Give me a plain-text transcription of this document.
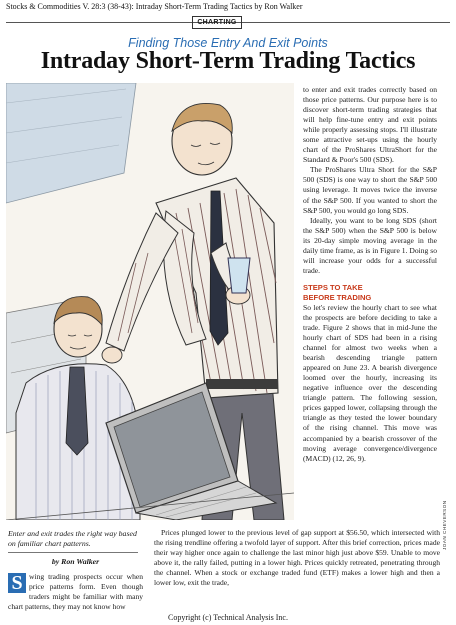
Stocks & Commodities V. 28:3 (38-43): Intraday Short-Term Trading Tactics by Ron Walker
CHARTING
Finding Those Entry And Exit Points
Intraday Short-Term Trading Tactics

to enter and exit trades correctly based on those price patterns. Our purpose here is to discover short-term trading strategies that will help fine-tune entry and exit points while properly assessing stops. I'll illustrate some attractive set-ups using the hourly chart of the ProShares UltraShort for the Standard & Poor's 500 (SDS).

The ProShares Ultra Short for the S&P 500 (SDS) is one way to short the S&P 500 using leverage. It moves twice the inverse of the S&P 500. If you wanted to short the S&P 500, you would go long SDS.

Ideally, you want to be long SDS (short the S&P 500) when the S&P 500 is below its 20-day simple moving average in the daily time frame, as is in Figure 1. Doing so will increase your odds for a successful trade.

STEPS TO TAKE
BEFORE TRADING

So let's review the hourly chart to see what the prospects are before deciding to take a trade. Figure 2 shows that in mid-June the hourly chart of SDS had been in a rising channel for almost two weeks when a bearish descending triangle pattern appeared on June 23. A bearish divergence loomed over the hourly, increasing its negative influence over the descending triangle pattern. The following session, prices gapped lower, collapsing through the triangle as they tested the lower boundary of the rising channel. This move was accompanied by a bearish crossover of the moving average convergence/divergence (MACD) (12, 26, 9).

JOAN CHEVERSON
Enter and exit trades the right way based on familiar chart patterns.
by Ron Walker
S wing trading prospects occur when price patterns form. Even though traders might be familiar with many chart patterns, they may not know how

Prices plunged lower to the previous level of gap support at $56.50, which intersected with the rising trendline offering a twofold layer of support. After this brief correction, prices made their way higher once again to challenge the last minor high just above $59. Unable to move above it, the rally failed, putting in a lower high. Prices quickly retreated, penetrating through the channel. When a stock or exchange traded fund (ETF) makes a lower high and then a lower low, exit the trade,

Copyright (c) Technical Analysis Inc.
